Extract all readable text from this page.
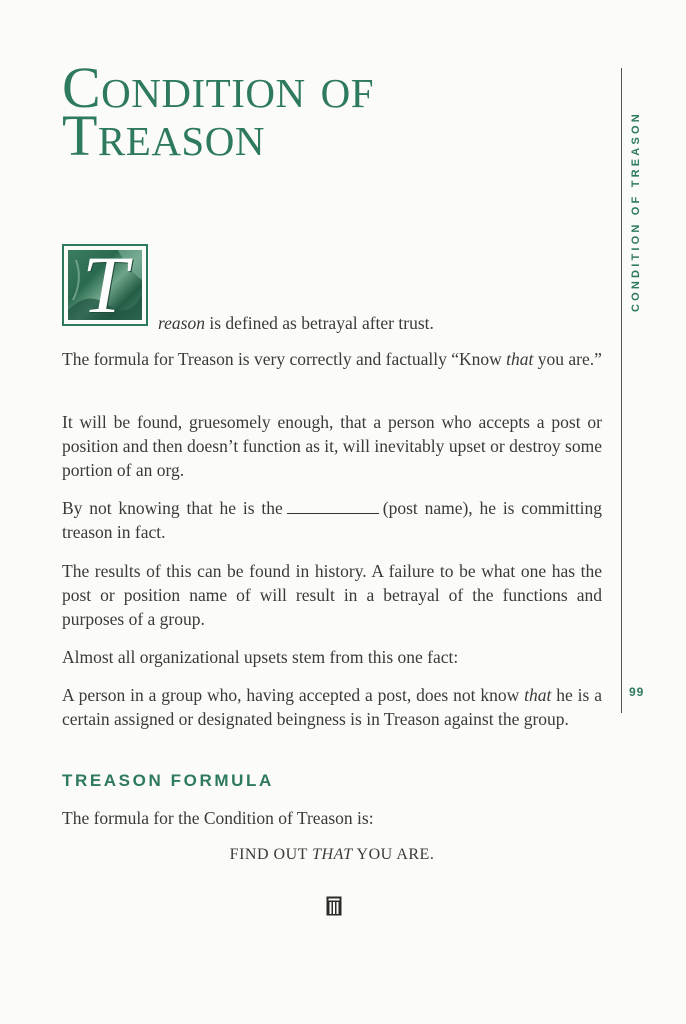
Condition of
Treason	CONDITION OF TREASON
99
T	reason is defined as betrayal after trust.

The formula for Treason is very correctly and factually “Know that you are.”

It will be found, gruesomely enough, that a person who accepts a post or position and then doesn’t function as it, will inevitably upset or destroy some portion of an org.

By not knowing that he is the	(post name), he is committing treason in fact.

The results of this can be found in history. A failure to be what one has the post or position name of will result in a betrayal of the functions and purposes of a group.

Almost all organizational upsets stem from this one fact:

A person in a group who, having accepted a post, does not know that he is a certain assigned or designated beingness is in Treason against the group.

TREASON FORMULA

The formula for the Condition of Treason is:

FIND OUT THAT YOU ARE.
